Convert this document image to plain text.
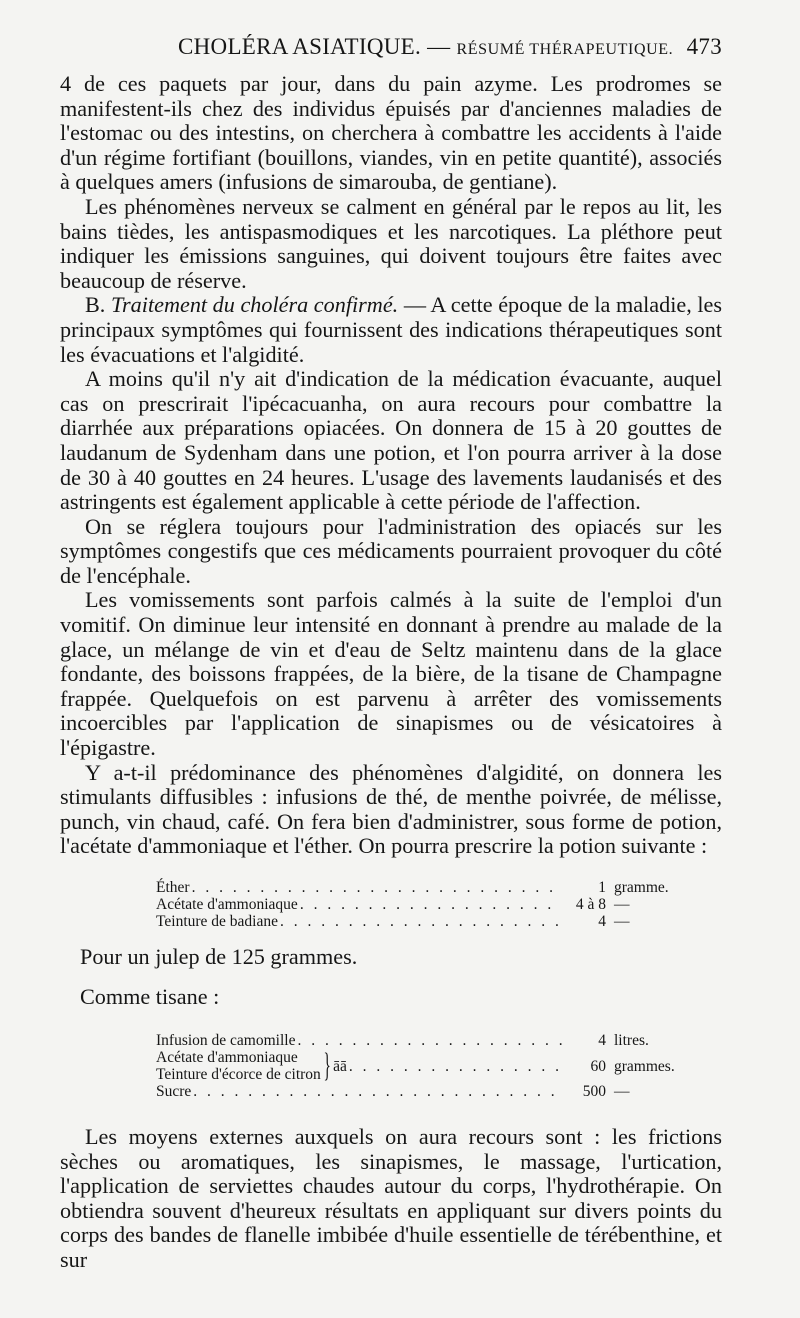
CHOLÉRA ASIATIQUE. — RÉSUMÉ THÉRAPEUTIQUE. 473

4 de ces paquets par jour, dans du pain azyme. Les prodromes se manifestent-ils chez des individus épuisés par d'anciennes maladies de l'estomac ou des intestins, on cherchera à combattre les accidents à l'aide d'un régime fortifiant (bouillons, viandes, vin en petite quantité), associés à quelques amers (infusions de simarouba, de gentiane).

Les phénomènes nerveux se calment en général par le repos au lit, les bains tièdes, les antispasmodiques et les narcotiques. La pléthore peut indiquer les émissions sanguines, qui doivent toujours être faites avec beaucoup de réserve.

B. Traitement du choléra confirmé. — A cette époque de la maladie, les principaux symptômes qui fournissent des indications thérapeutiques sont les évacuations et l'algidité.

A moins qu'il n'y ait d'indication de la médication évacuante, auquel cas on prescrirait l'ipécacuanha, on aura recours pour combattre la diarrhée aux préparations opiacées. On donnera de 15 à 20 gouttes de laudanum de Sydenham dans une potion, et l'on pourra arriver à la dose de 30 à 40 gouttes en 24 heures. L'usage des lavements laudanisés et des astringents est également applicable à cette période de l'affection.

On se réglera toujours pour l'administration des opiacés sur les symptômes congestifs que ces médicaments pourraient provoquer du côté de l'encéphale.

Les vomissements sont parfois calmés à la suite de l'emploi d'un vomitif. On diminue leur intensité en donnant à prendre au malade de la glace, un mélange de vin et d'eau de Seltz maintenu dans de la glace fondante, des boissons frappées, de la bière, de la tisane de Champagne frappée. Quelquefois on est parvenu à arrêter des vomissements incoercibles par l'application de sinapismes ou de vésicatoires à l'épigastre.

Y a-t-il prédominance des phénomènes d'algidité, on donnera les stimulants diffusibles : infusions de thé, de menthe poivrée, de mélisse, punch, vin chaud, café. On fera bien d'administrer, sous forme de potion, l'acétate d'ammoniaque et l'éther. On pourra prescrire la potion suivante :

Éther . . .	1 gramme.
Acétate d'ammoniaque . . .	4 à 8 —
Teinture de badiane . . .	4 —
Pour un julep de 125 grammes.
Comme tisane :
Infusion de camomille . . .	4 litres.
Acétate d'ammoniaque
Teinture d'écorce de citron } āā . . .	60 grammes.
Sucre . . .	500 —

Les moyens externes auxquels on aura recours sont : les frictions sèches ou aromatiques, les sinapismes, le massage, l'urtication, l'application de serviettes chaudes autour du corps, l'hydrothérapie. On obtiendra souvent d'heureux résultats en appliquant sur divers points du corps des bandes de flanelle imbibée d'huile essentielle de térébenthine, et sur
